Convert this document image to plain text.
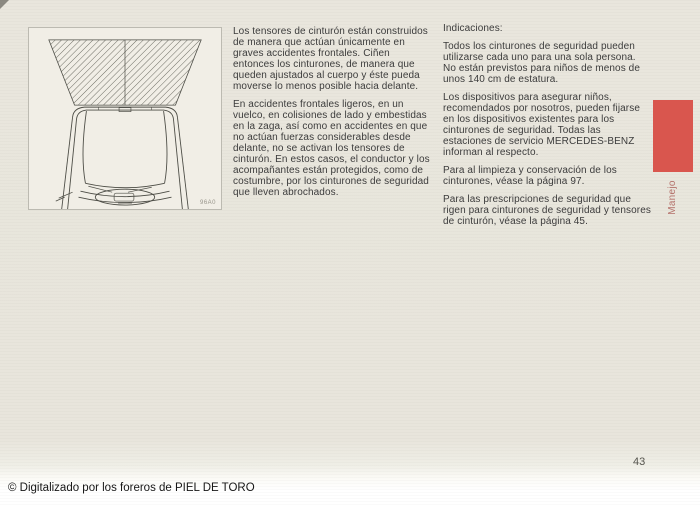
96A0

Los tensores de cinturón están construidos de manera que actúan únicamente en graves accidentes frontales. Ciñen entonces los cinturones, de manera que queden ajustados al cuerpo y éste pueda moverse lo menos posible hacia delante.

En accidentes frontales ligeros, en un vuelco, en colisiones de lado y embestidas en la zaga, así como en accidentes en que no actúan fuerzas considerables desde delante, no se activan los tensores de cinturón. En estos casos, el conductor y los acompañantes están protegidos, como de costumbre, por los cinturones de seguridad que lleven abrochados.

Indicaciones:

Todos los cinturones de seguridad pueden utilizarse cada uno para una sola persona. No están previstos para niños de menos de unos 140 cm de estatura.

Los dispositivos para asegurar niños, recomendados por nosotros, pueden fijarse en los dispositivos existentes para los cinturones de seguridad. Todas las estaciones de servicio MERCEDES-BENZ informan al respecto.

Para al limpieza y conservación de los cinturones, véase la página 97.

Para las prescripciones de seguridad que rigen para cinturones de seguridad y tensores de cinturón, véase la página 45.

Manejo
43
© Digitalizado por los foreros de PIEL DE TORO
